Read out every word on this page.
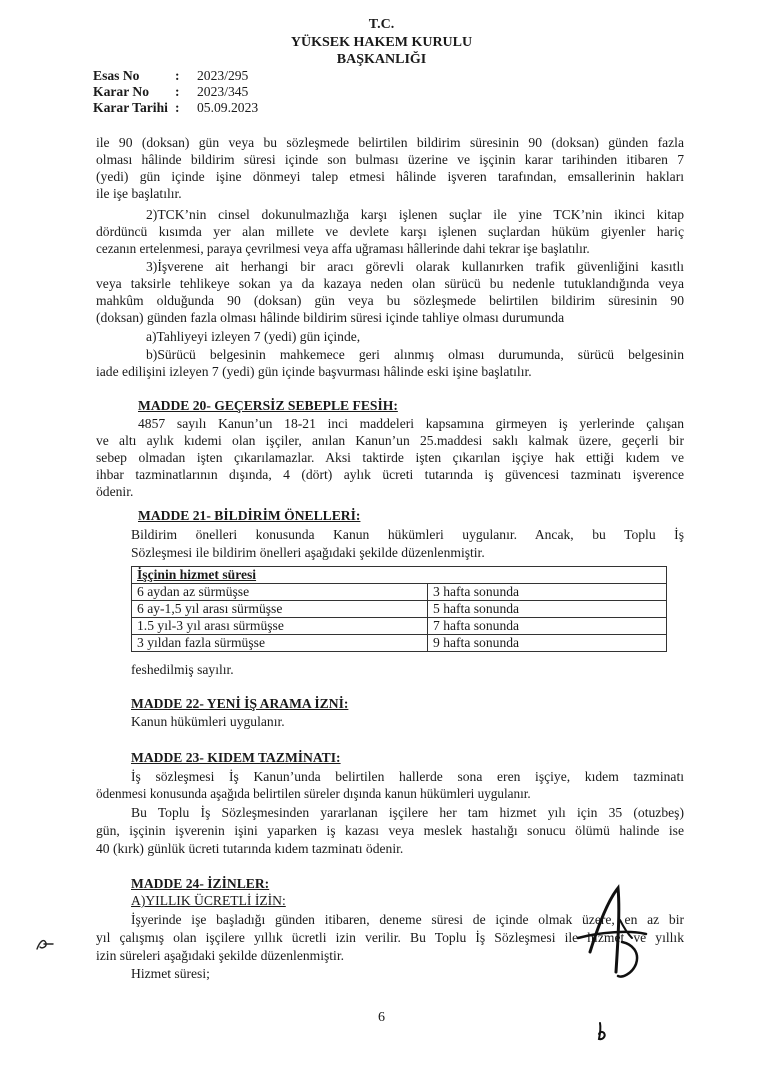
T.C.
YÜKSEK HAKEM KURULU
BAŞKANLIĞI
Esas No	: 2023/295
Karar No : 2023/345
Karar Tarihi : 05.09.2023
ile 90 (doksan) gün veya bu sözleşmede belirtilen bildirim süresinin 90 (doksan) günden fazla
olması hâlinde bildirim süresi içinde son bulması üzerine ve işçinin karar tarihinden itibaren 7
(yedi) gün içinde işine dönmeyi talep etmesi hâlinde işveren tarafından, emsallerinin hakları
ile işe başlatılır.
2)TCK’nin cinsel dokunulmazlığa karşı işlenen suçlar ile yine TCK’nin ikinci kitap
dördüncü kısımda yer alan millete ve devlete karşı işlenen suçlardan hüküm giyenler hariç
cezanın ertelenmesi, paraya çevrilmesi veya affa uğraması hâllerinde dahi tekrar işe başlatılır.
3)İşverene ait herhangi bir aracı görevli olarak kullanırken trafik güvenliğini kasıtlı
veya taksirle tehlikeye sokan ya da kazaya neden olan sürücü bu nedenle tutuklandığında veya
mahkûm olduğunda 90 (doksan) gün veya bu sözleşmede belirtilen bildirim süresinin 90
(doksan) günden fazla olması hâlinde bildirim süresi içinde tahliye olması durumunda
a)Tahliyeyi izleyen 7 (yedi) gün içinde,
b)Sürücü belgesinin mahkemece geri alınmış olması durumunda, sürücü belgesinin
iade edilişini izleyen 7 (yedi) gün içinde başvurması hâlinde eski işine başlatılır.
MADDE 20- GEÇERSİZ SEBEPLE FESİH:
4857 sayılı Kanun’un 18-21 inci maddeleri kapsamına girmeyen iş yerlerinde çalışan
ve altı aylık kıdemi olan işçiler, anılan Kanun’un 25.maddesi saklı kalmak üzere, geçerli bir
sebep olmadan işten çıkarılamazlar. Aksi taktirde işten çıkarılan işçiye hak ettiği kıdem ve
ihbar tazminatlarının dışında, 4 (dört) aylık ücreti tutarında iş güvencesi tazminatı işverence
ödenir.
MADDE 21- BİLDİRİM ÖNELLERİ:
Bildirim önelleri konusunda Kanun hükümleri uygulanır. Ancak, bu Toplu İş
Sözleşmesi ile bildirim önelleri aşağıdaki şekilde düzenlenmiştir.
İşçinin hizmet süresi	
6 aydan az sürmüşse	3 hafta sonunda
6 ay-1,5 yıl arası sürmüşse	5 hafta sonunda
1.5 yıl-3 yıl arası sürmüşse	7 hafta sonunda
3 yıldan fazla sürmüşse	9 hafta sonunda
feshedilmiş sayılır.
MADDE 22- YENİ İŞ ARAMA İZNİ:
Kanun hükümleri uygulanır.
MADDE 23- KIDEM TAZMİNATI:
İş sözleşmesi İş Kanun’unda belirtilen hallerde sona eren işçiye, kıdem tazminatı
ödenmesi konusunda aşağıda belirtilen süreler dışında kanun hükümleri uygulanır.
Bu Toplu İş Sözleşmesinden yararlanan işçilere her tam hizmet yılı için 35 (otuzbeş)
gün, işçinin işverenin işini yaparken iş kazası veya meslek hastalığı sonucu ölümü halinde ise
40 (kırk) günlük ücreti tutarında kıdem tazminatı ödenir.
MADDE 24- İZİNLER:
A)YILLIK ÜCRETLİ İZİN:
İşyerinde işe başladığı günden itibaren, deneme süresi de içinde olmak üzere, en az bir
yıl çalışmış olan işçilere yıllık ücretli izin verilir. Bu Toplu İş Sözleşmesi ile hizmet ve yıllık
izin süreleri aşağıdaki şekilde düzenlenmiştir.
Hizmet süresi;
6
